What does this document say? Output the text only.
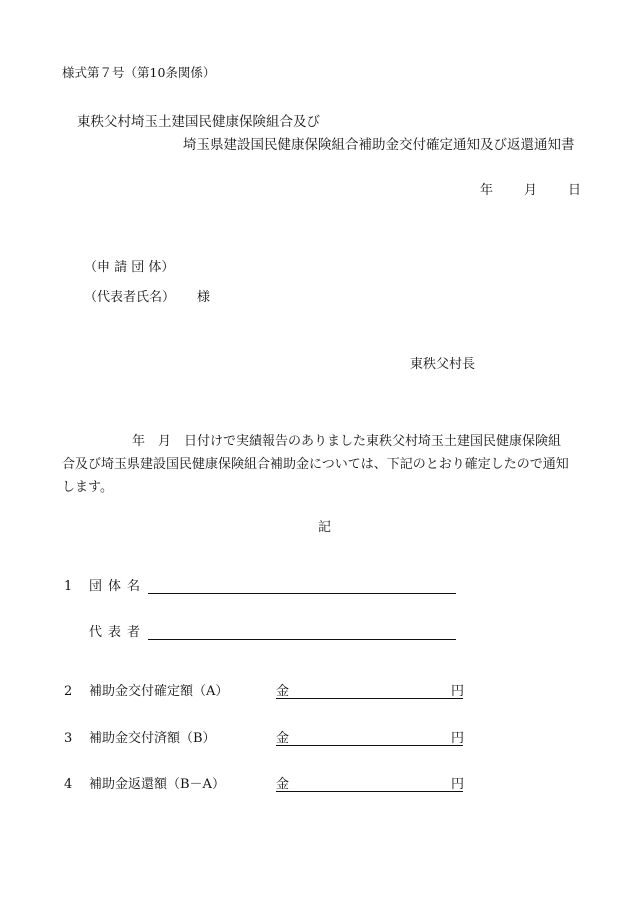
様式第７号（第10条関係）
東秩父村埼玉土建国民健康保険組合及び
埼玉県建設国民健康保険組合補助金交付確定通知及び返還通知書
年 月 日
（申 請 団 体）
（代表者氏名） 様
東秩父村長
年　月　日付けで実績報告のありました東秩父村埼玉土建国民健康保険組
合及び埼玉県建設国民健康保険組合補助金については、下記のとおり確定したので通知
します。
記
1 団体名
代表者
2 補助金交付確定額（A）	金	円
3 補助金交付済額（B）	金	円
4 補助金返還額（B－A）	金	円
